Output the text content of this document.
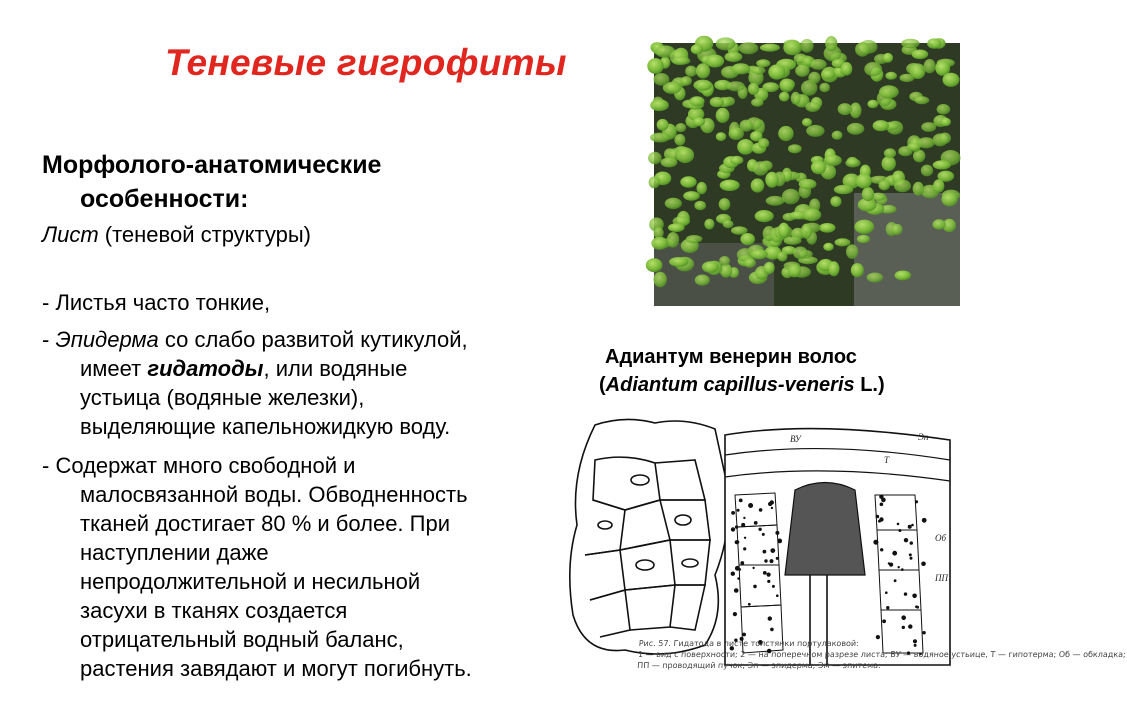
Теневые гигрофиты
Морфолого-анатомические
особенности:
Лист (теневой структуры)
- Листья часто тонкие,
- Эпидерма со слабо развитой кутикулой,
имеет гидатоды, или водяные
устьица (водяные железки),
выделяющие капельножидкую воду.
- Содержат много свободной и
малосвязанной воды. Обводненность
тканей достигает 80 % и более. При
наступлении даже
непродолжительной и несильной
засухи в тканях создается
отрицательный водный баланс,
растения завядают и могут погибнуть.
Адиантум венерин волос

(Adiantum capillus-veneris L.)
ВУ	Эп
Об
ПП
Т
Рис. 57. Гидатода в листе толстянки портулаковой:
1 — вид с поверхности; 2 — на поперечном разрезе листа; ВУ — водяное устьице, Т — гипотерма; Об — обкладка;
ПП — проводящий пучок; Эп — эпидерма; Эм — эпитема.
